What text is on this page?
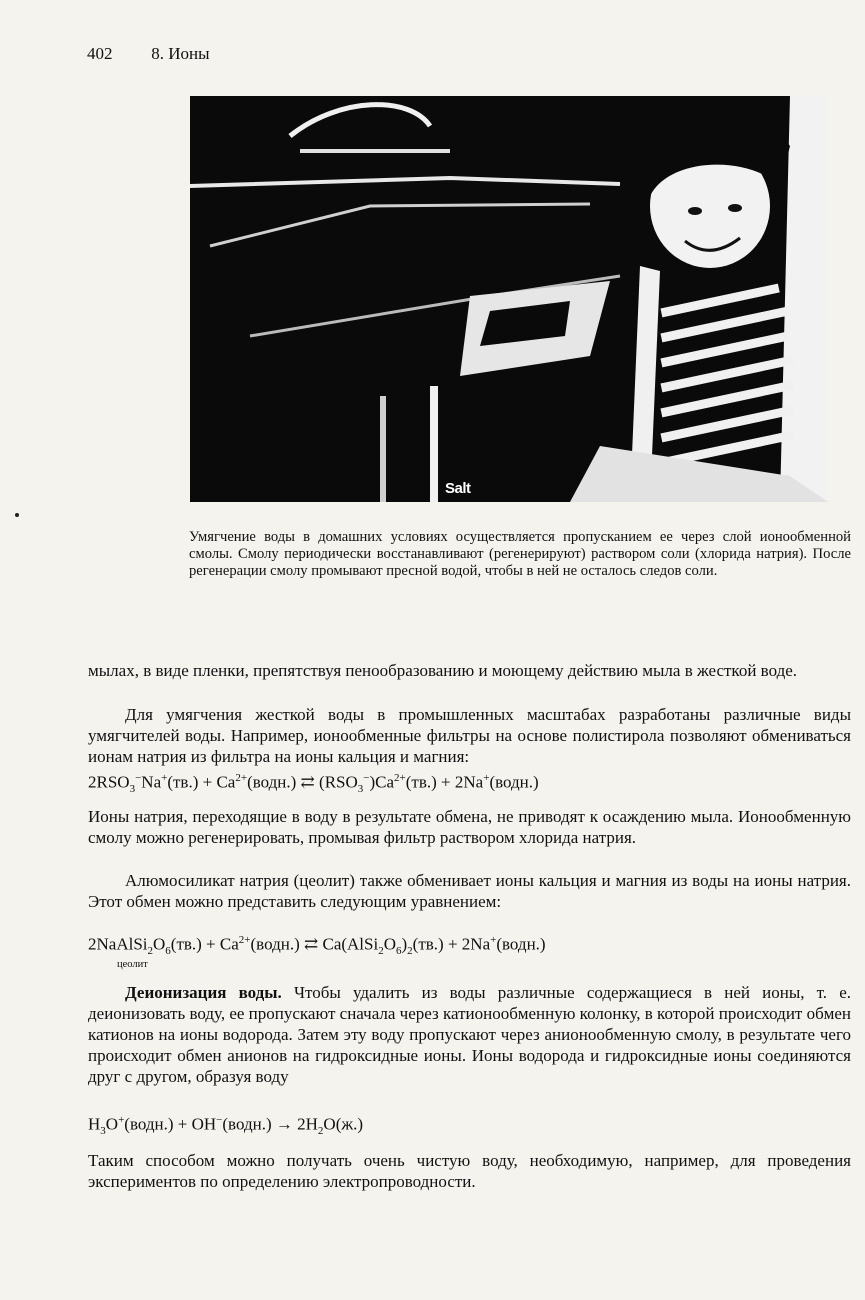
402 8. Ионы
Salt
Умягчение воды в домашних условиях осуществляется пропусканием ее через слой ионообменной смолы. Смолу периодически восстанавливают (регенерируют) раствором соли (хлорида натрия). После регенерации смолу промывают пресной водой, чтобы в ней не осталось следов соли.

мылах, в виде пленки, препятствуя пенообразованию и моющему действию мыла в жесткой воде.

Для умягчения жесткой воды в промышленных масштабах разработаны различные виды умягчителей воды. Например, ионообменные фильтры на основе полистирола позволяют обмениваться ионам натрия из фильтра на ионы кальция и магния:

$2RSO_3^-Na^+(тв.)$ + $Ca^{2+}(водн.)$ ⇄ $(RSO_3^-)Ca^{2+}(тв.)$ + 2Na+(водн.)

Ионы натрия, переходящие в воду в результате обмена, не приводят к осаждению мыла. Ионообменную смолу можно регенерировать, промывая фильтр раствором хлорида натрия.

Алюмосиликат натрия (цеолит) также обменивает ионы кальция и магния из воды на ионы натрия. Этот обмен можно представить следующим уравнением:

$2NaAlSi_2O_6(тв.)$ + $Ca^{2+}(водн.)$ ⇄ $Ca(AlSi_2O_6)_2(тв.)$ + 2Na+(водн.)
цеолит

Деионизация воды. Чтобы удалить из воды различные содержащиеся в ней ионы, т. е. деионизовать воду, ее пропускают сначала через катионообменную колонку, в которой происходит обмен катионов на ионы водорода. Затем эту воду пропускают через анионообменную смолу, в результате чего происходит обмен анионов на гидроксидные ионы. Ионы водорода и гидроксидные ионы соединяются друг с другом, образуя воду

$H_3O^+(водн.)$ + OH−(водн.) → $2H_2O(ж.)$

Таким способом можно получать очень чистую воду, необходимую, например, для проведения экспериментов по определению электропроводности.
